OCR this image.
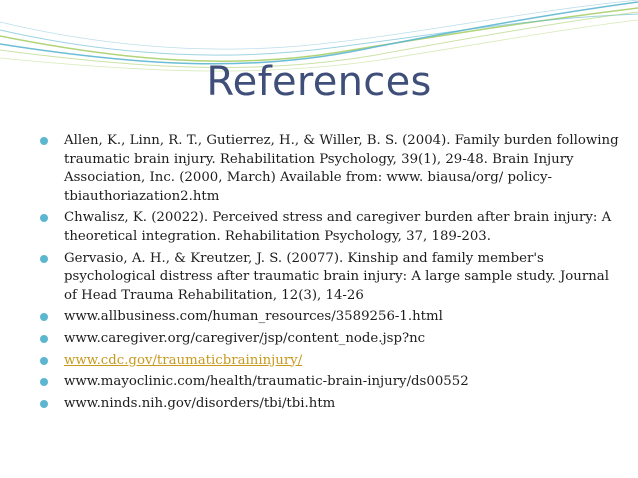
References
Allen, K., Linn, R. T., Gutierrez, H., & Willer, B. S. (2004). Family burden following traumatic brain injury. Rehabilitation Psychology, 39(1), 29-48. Brain Injury Association, Inc. (2000, March) Available from: www. biausa/org/ policy-tbiauthoriazation2.htm
Chwalisz, K. (20022). Perceived stress and caregiver burden after brain injury: A theoretical integration. Rehabilitation Psychology, 37, 189-203.
Gervasio, A. H., & Kreutzer, J. S. (20077). Kinship and family member's psychological distress after traumatic brain injury: A large sample study. Journal of Head Trauma Rehabilitation, 12(3), 14-26
www.allbusiness.com/human_resources/3589256-1.html
www.caregiver.org/caregiver/jsp/content_node.jsp?nc
www.cdc.gov/traumaticbraininjury/
www.mayoclinic.com/health/traumatic-brain-injury/ds00552
www.ninds.nih.gov/disorders/tbi/tbi.htm
